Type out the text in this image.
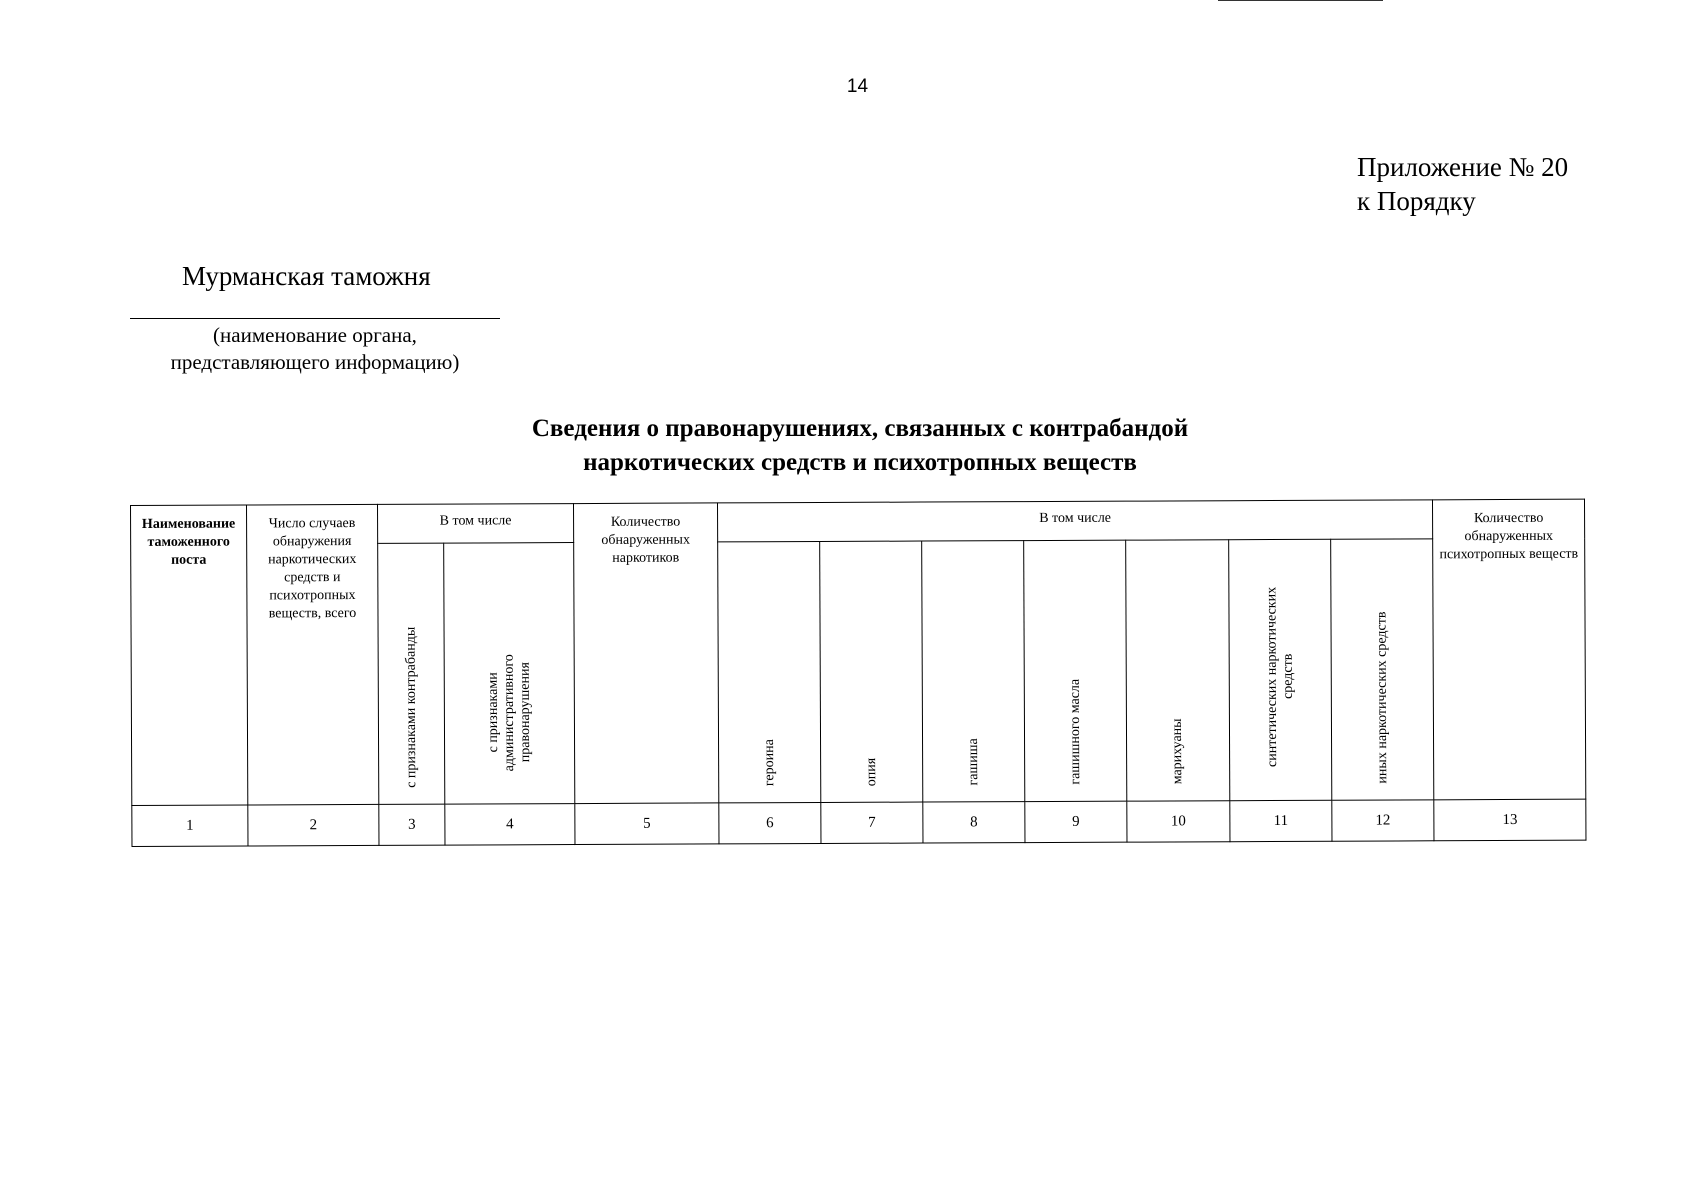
14
Приложение № 20
к Порядку
Мурманская таможня
(наименование органа,
представляющего информацию)
Сведения о правонарушениях, связанных с контрабандой
наркотических средств и психотропных веществ
Наименование таможенного поста	Число случаев обнаружения наркотических средств и психотропных веществ, всего	В том числе		Количество обнаруженных наркотиков	В том числе							Количество обнаруженных психотропных веществ
		с признаками контрабанды	с признаками административного правонарушения		героина	опия	гашиша	гашишного масла	марихуаны	синтетических наркотических средств	иных наркотических средств	
1	2	3	4	5	6	7	8	9	10	11	12	13
